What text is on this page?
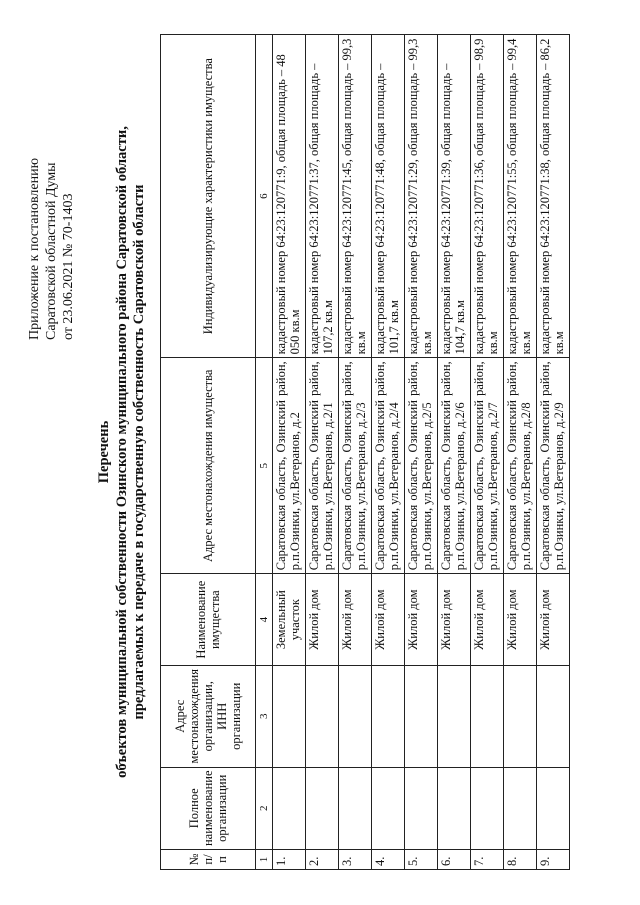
Приложение к постановлению Саратовской областной Думы от 23.06.2021 № 70-1403
Перечень объектов муниципальной собственности Озинского муниципального района Саратовской области, предлагаемых к передаче в государственную собственность Саратовской области
№ п/п	Полное наименование организации	Адрес местонахождения организации, ИНН организации	Наименование имущества	Адрес местонахождения имущества	Индивидуализирующие характеристики имущества
1	2	3	4	5	6
1.			Земельный участок	Саратовская область, Озинский район, р.п.Озинки, ул.Ветеранов, д.2	кадастровый номер 64:23:120771:9, общая площадь – 48 050 кв.м
2.			Жилой дом	Саратовская область, Озинский район, р.п.Озинки, ул.Ветеранов, д.2/1	кадастровый номер 64:23:120771:37, общая площадь – 107,2 кв.м
3.			Жилой дом	Саратовская область, Озинский район, р.п.Озинки, ул.Ветеранов, д.2/3	кадастровый номер 64:23:120771:45, общая площадь – 99,3 кв.м
4.			Жилой дом	Саратовская область, Озинский район, р.п.Озинки, ул.Ветеранов, д.2/4	кадастровый номер 64:23:120771:48, общая площадь – 101,7 кв.м
5.			Жилой дом	Саратовская область, Озинский район, р.п.Озинки, ул.Ветеранов, д.2/5	кадастровый номер 64:23:120771:29, общая площадь – 99,3 кв.м
6.			Жилой дом	Саратовская область, Озинский район, р.п.Озинки, ул.Ветеранов, д.2/6	кадастровый номер 64:23:120771:39, общая площадь – 104,7 кв.м
7.			Жилой дом	Саратовская область, Озинский район, р.п.Озинки, ул.Ветеранов, д.2/7	кадастровый номер 64:23:120771:36, общая площадь – 98,9 кв.м
8.			Жилой дом	Саратовская область, Озинский район, р.п.Озинки, ул.Ветеранов, д.2/8	кадастровый номер 64:23:120771:55, общая площадь – 99,4 кв.м
9.			Жилой дом	Саратовская область, Озинский район, р.п.Озинки, ул.Ветеранов, д.2/9	кадастровый номер 64:23:120771:38, общая площадь – 86,2 кв.м
